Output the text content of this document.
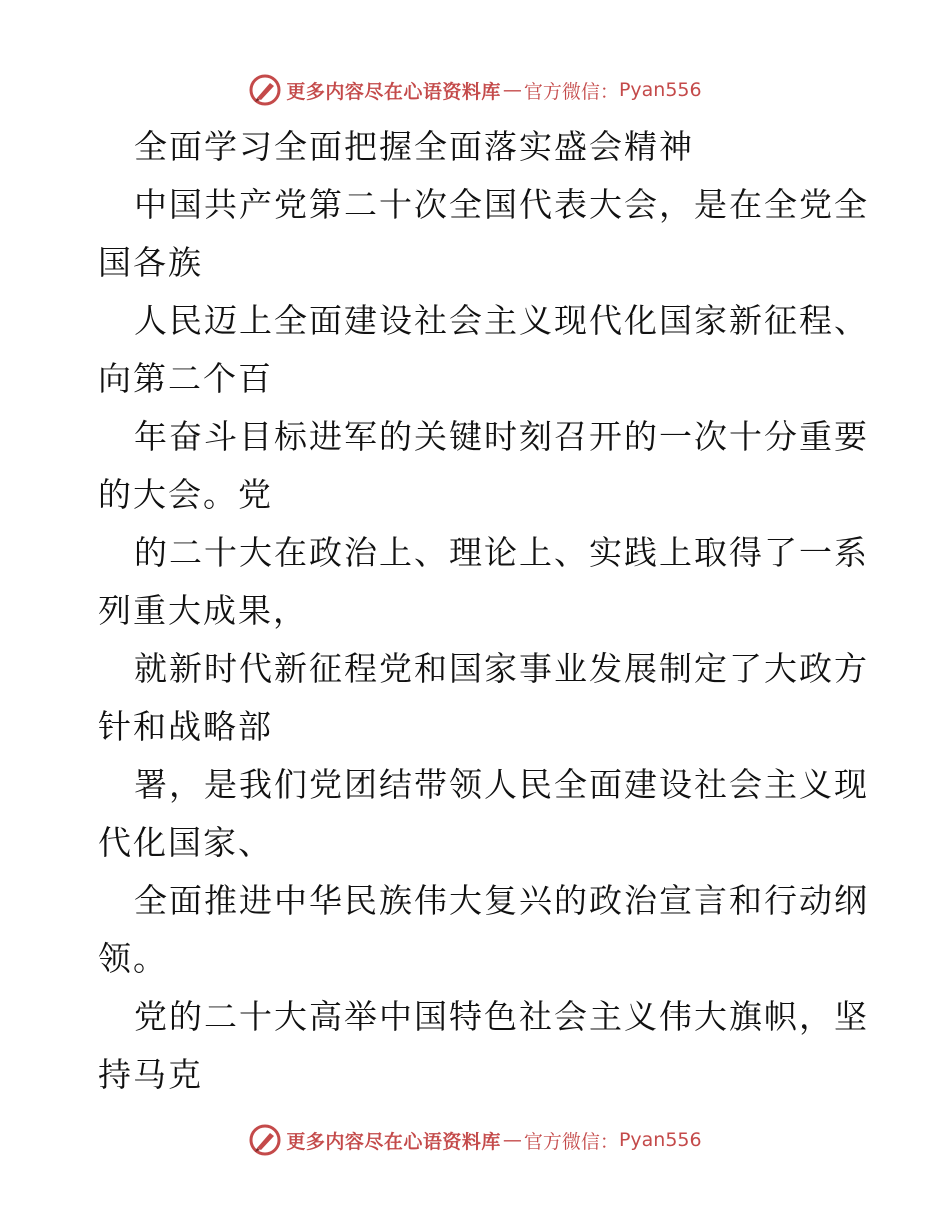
更多内容尽在心语资料库 — 官方微信： Pyan556

全面学习全面把握全面落实盛会精神

中国共产党第二十次全国代表大会，是在全党全

国各族

人民迈上全面建设社会主义现代化国家新征程、

向第二个百

年奋斗目标进军的关键时刻召开的一次十分重要

的大会。党

的二十大在政治上、理论上、实践上取得了一系

列重大成果，

就新时代新征程党和国家事业发展制定了大政方

针和战略部

署，是我们党团结带领人民全面建设社会主义现

代化国家、

全面推进中华民族伟大复兴的政治宣言和行动纲

领。

党的二十大高举中国特色社会主义伟大旗帜，坚

持马克

更多内容尽在心语资料库 — 官方微信： Pyan556
